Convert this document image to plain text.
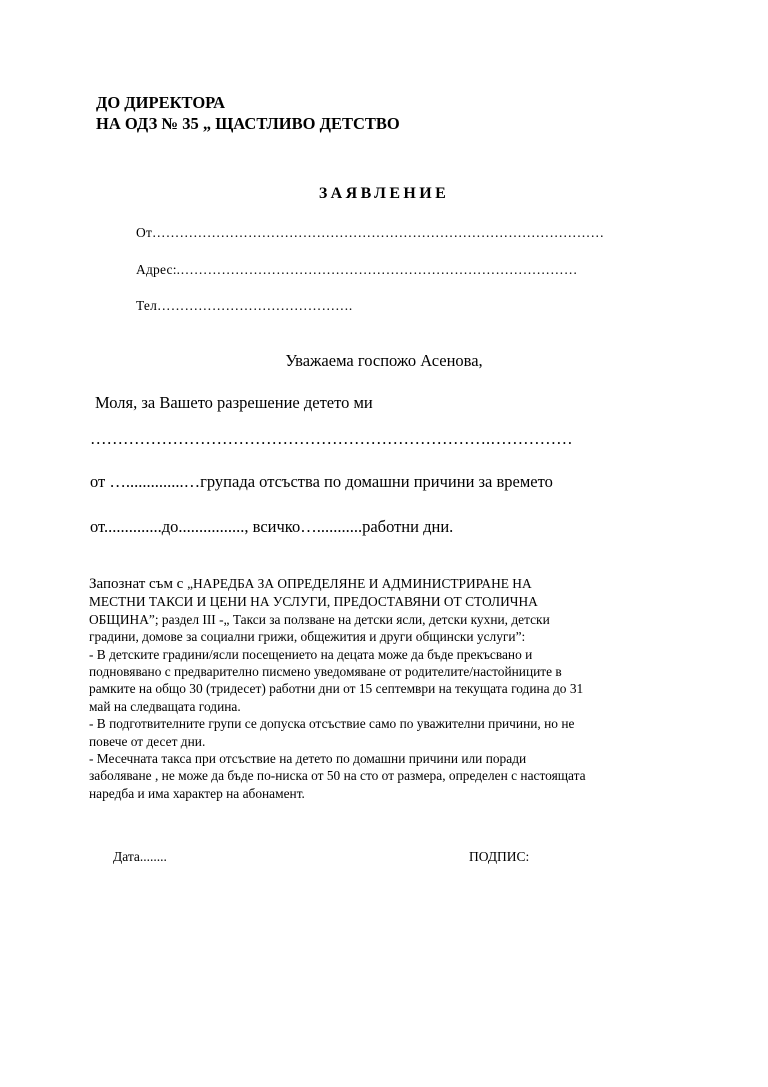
ДО ДИРЕКТОРА
НА ОДЗ № 35 „ ЩАСТЛИВО ДЕТСТВО
ЗАЯВЛЕНИЕ
От………………………………………………………………………………………
Адрес:.……………………………………………………………………………
Тел…………………………………….
Уважаема госпожо Асенова,
Моля, за Вашето разрешение детето ми
……………………………………………………………….……………
от …..............…групада отсъства по домашни причини за времето
от..............до................, всичко…...........работни дни.
Запознат съм с „НАРЕДБА ЗА ОПРЕДЕЛЯНЕ И АДМИНИСТРИРАНЕ НА
МЕСТНИ ТАКСИ И ЦЕНИ НА УСЛУГИ, ПРЕДОСТАВЯНИ ОТ СТОЛИЧНА
ОБЩИНА”; раздел III -„ Такси за ползване на детски ясли, детски кухни, детски
градини, домове за социални грижи, общежития и други общински услуги”:
- В детските градини/ясли посещението на децата може да бъде прекъсвано и
подновявано с предварително писмено уведомяване от родителите/настойниците в
рамките на общо 30 (тридесет) работни дни от 15 септември на текущата година до 31
май на следващата година.
- В подготвителните групи се допуска отсъствие само по уважителни причини, но не
повече от десет дни.
- Месечната такса при отсъствие на детето по домашни причини или поради
заболяване , не може да бъде по-ниска от 50 на сто от размера, определен с настоящата
наредба и има характер на абонамент.
Дата........	ПОДПИС:
